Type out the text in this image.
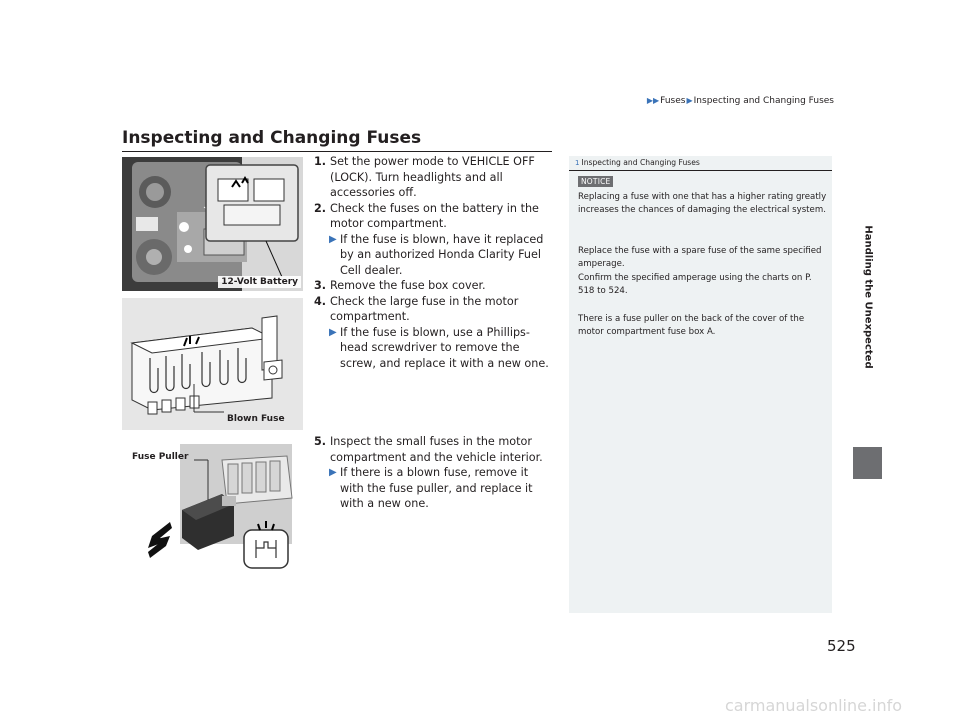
▶▶Fuses▶Inspecting and Changing Fuses
Inspecting and Changing Fuses
Handling the Unexpected
12-Volt Battery
Blown Fuse
Fuse Puller

1. Set the power mode to VEHICLE OFF (LOCK). Turn headlights and all accessories off.

2. Check the fuses on the battery in the motor compartment.

▶ If the fuse is blown, have it replaced by an authorized Honda Clarity Fuel Cell dealer.

3. Remove the fuse box cover.

4. Check the large fuse in the motor compartment.

▶ If the fuse is blown, use a Phillips-head screwdriver to remove the screw, and replace it with a new one.

5. Inspect the small fuses in the motor compartment and the vehicle interior.

▶ If there is a blown fuse, remove it with the fuse puller, and replace it with a new one.

1 Inspecting and Changing Fuses
NOTICE

Replacing a fuse with one that has a higher rating greatly increases the chances of damaging the electrical system.

Replace the fuse with a spare fuse of the same specified amperage.

Confirm the specified amperage using the charts on P. 518 to 524.

There is a fuse puller on the back of the cover of the motor compartment fuse box A.

525
carmanualsonline.info
